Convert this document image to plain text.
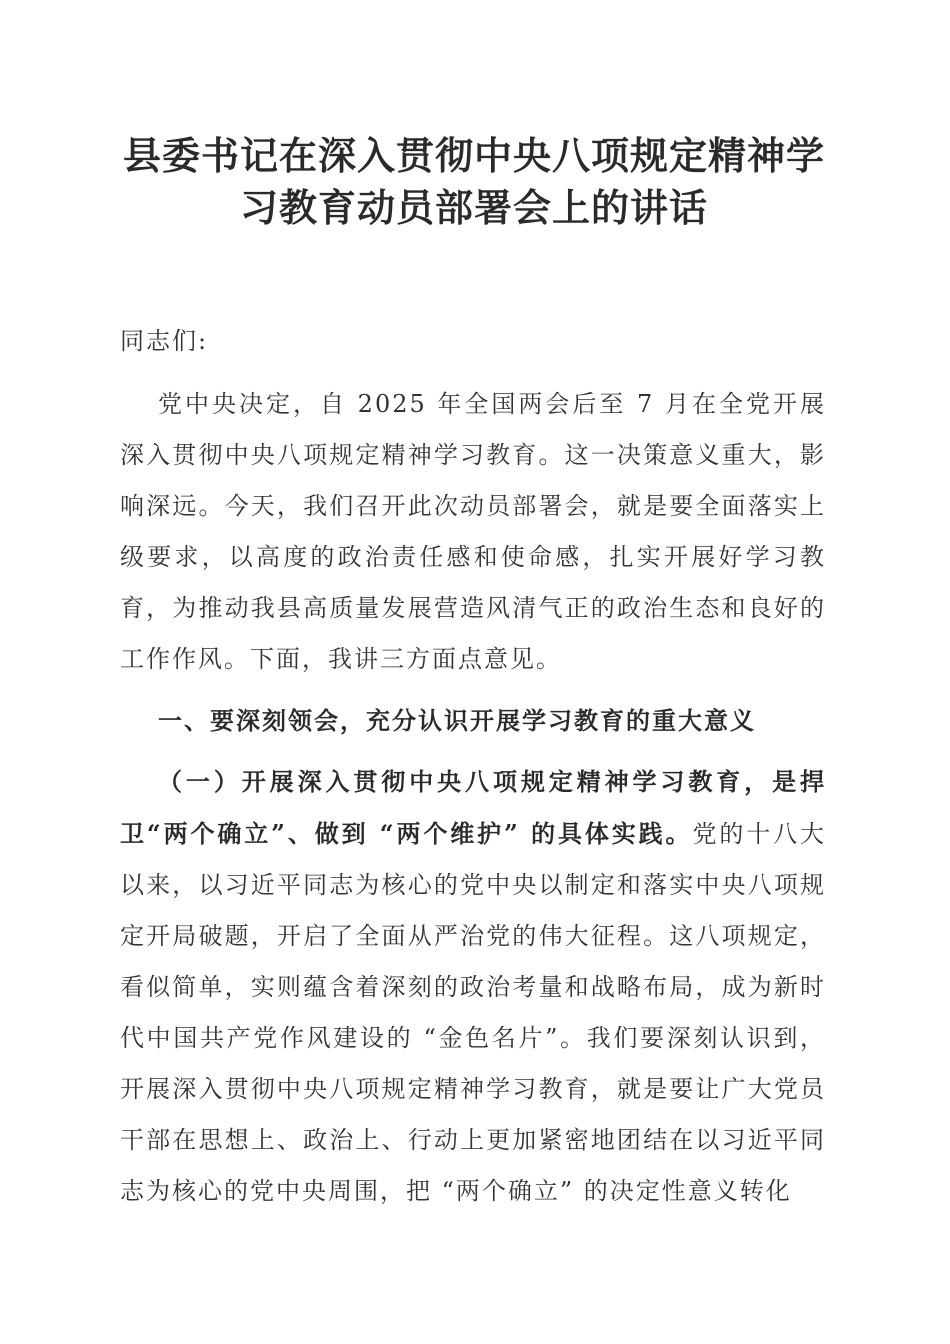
县委书记在深入贯彻中央八项规定精神学习教育动员部署会上的讲话

同志们:

党中央决定，自 2025 年全国两会后至 7 月在全党开展深入贯彻中央八项规定精神学习教育。这一决策意义重大，影响深远。今天，我们召开此次动员部署会，就是要全面落实上级要求，以高度的政治责任感和使命感，扎实开展好学习教育，为推动我县高质量发展营造风清气正的政治生态和良好的工作作风。下面，我讲三方面点意见。

一、要深刻领会，充分认识开展学习教育的重大意义

（一）开展深入贯彻中央八项规定精神学习教育，是捍卫“两个确立”、做到 “两个维护” 的具体实践。党的十八大以来，以习近平同志为核心的党中央以制定和落实中央八项规定开局破题，开启了全面从严治党的伟大征程。这八项规定，看似简单，实则蕴含着深刻的政治考量和战略布局，成为新时代中国共产党作风建设的 “金色名片”。我们要深刻认识到，开展深入贯彻中央八项规定精神学习教育，就是要让广大党员干部在思想上、政治上、行动上更加紧密地团结在以习近平同志为核心的党中央周围，把 “两个确立” 的决定性意义转化
